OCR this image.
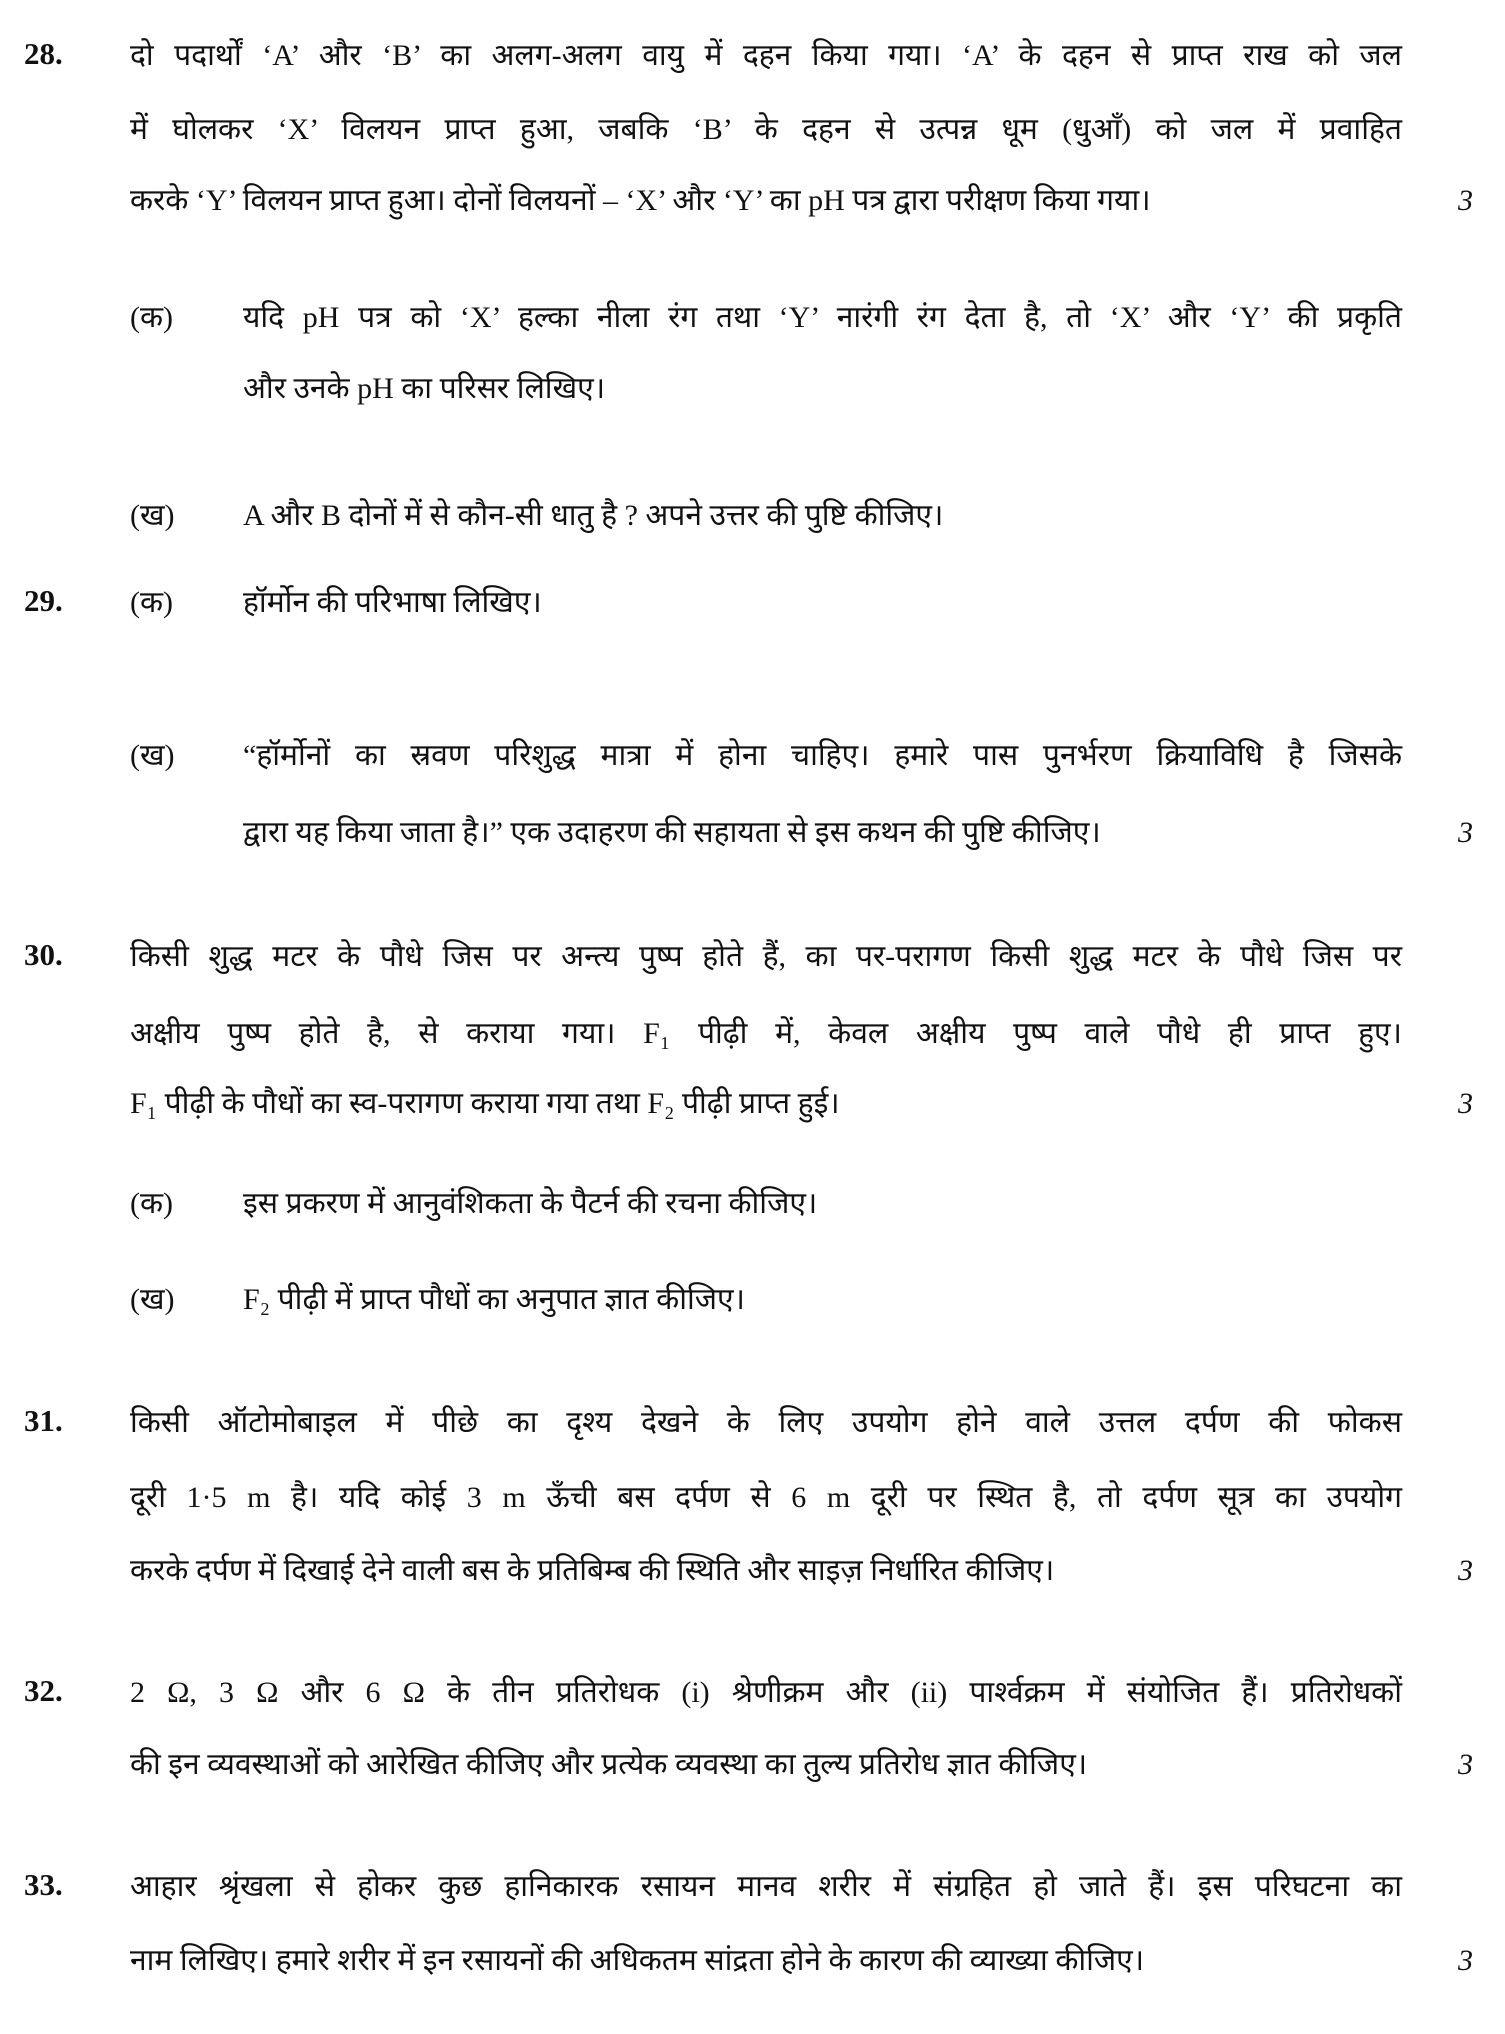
28. दो पदार्थों ‘A’ और ‘B’ का अलग-अलग वायु में दहन किया गया। ‘A’ के दहन से प्राप्त राख को जल
में घोलकर ‘X’ विलयन प्राप्त हुआ, जबकि ‘B’ के दहन से उत्पन्न धूम (धुआँ) को जल में प्रवाहित
करके ‘Y’ विलयन प्राप्त हुआ। दोनों विलयनों – ‘X’ और ‘Y’ का pH पत्र द्वारा परीक्षण किया गया।	3
(क) यदि pH पत्र को ‘X’ हल्का नीला रंग तथा ‘Y’ नारंगी रंग देता है, तो ‘X’ और ‘Y’ की प्रकृति
और उनके pH का परिसर लिखिए।
(ख) A और B दोनों में से कौन-सी धातु है ? अपने उत्तर की पुष्टि कीजिए।
29. (क) हॉर्मोन की परिभाषा लिखिए।
(ख) “हॉर्मोनों का स्रवण परिशुद्ध मात्रा में होना चाहिए। हमारे पास पुनर्भरण क्रियाविधि है जिसके
द्वारा यह किया जाता है।” एक उदाहरण की सहायता से इस कथन की पुष्टि कीजिए।	3
30. किसी शुद्ध मटर के पौधे जिस पर अन्त्य पुष्प होते हैं, का पर-परागण किसी शुद्ध मटर के पौधे जिस पर
अक्षीय पुष्प होते है, से कराया गया। F₁ पीढ़ी में, केवल अक्षीय पुष्प वाले पौधे ही प्राप्त हुए।
F₁ पीढ़ी के पौधों का स्व-परागण कराया गया तथा F₂ पीढ़ी प्राप्त हुई।	3
(क) इस प्रकरण में आनुवंशिकता के पैटर्न की रचना कीजिए।
(ख) F₂ पीढ़ी में प्राप्त पौधों का अनुपात ज्ञात कीजिए।
31. किसी ऑटोमोबाइल में पीछे का दृश्य देखने के लिए उपयोग होने वाले उत्तल दर्पण की फोकस
दूरी 1·5 m है। यदि कोई 3 m ऊँची बस दर्पण से 6 m दूरी पर स्थित है, तो दर्पण सूत्र का उपयोग
करके दर्पण में दिखाई देने वाली बस के प्रतिबिम्ब की स्थिति और साइज़ निर्धारित कीजिए।	3
32. 2 Ω, 3 Ω और 6 Ω के तीन प्रतिरोधक (i) श्रेणीक्रम और (ii) पार्श्वक्रम में संयोजित हैं। प्रतिरोधकों
की इन व्यवस्थाओं को आरेखित कीजिए और प्रत्येक व्यवस्था का तुल्य प्रतिरोध ज्ञात कीजिए।	3
33. आहार श्रृंखला से होकर कुछ हानिकारक रसायन मानव शरीर में संग्रहित हो जाते हैं। इस परिघटना का
नाम लिखिए। हमारे शरीर में इन रसायनों की अधिकतम सांद्रता होने के कारण की व्याख्या कीजिए।	3
